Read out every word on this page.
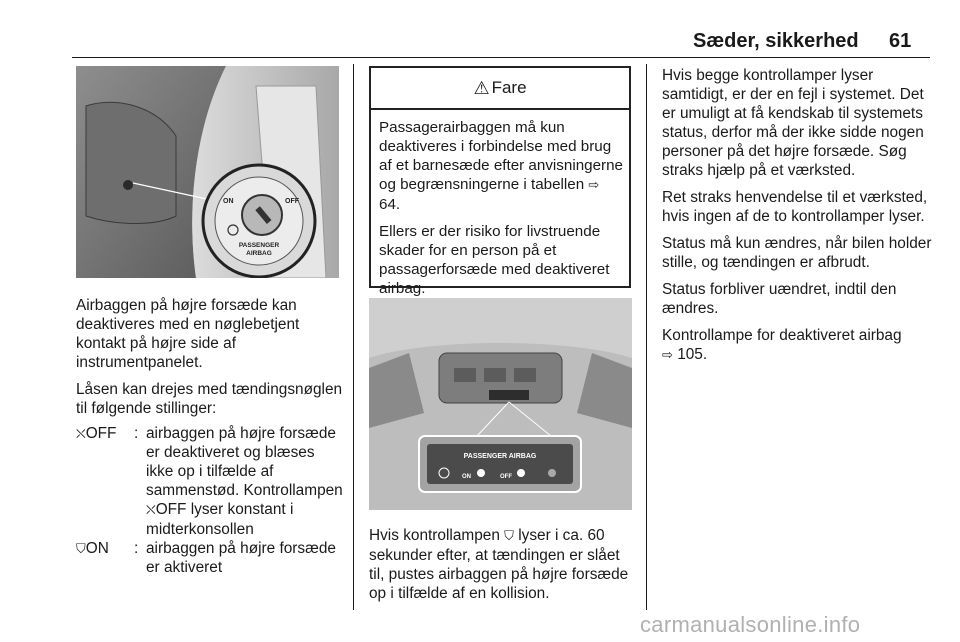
Sæder, sikkerhed 61
ON	OFF
PASSENGER
AIRBAG

Airbaggen på højre forsæde kan deaktiveres med en nøglebetjent kontakt på højre side af instrumentpanelet.

Låsen kan drejes med tændingsnøglen til følgende stillinger:

⛌OFF	: airbaggen på højre forsæde er deaktiveret og blæses ikke op i tilfælde af sammenstød. Kontrollampen ⛌OFF lyser konstant i midterkonsollen
⛉ON	: airbaggen på højre forsæde er aktiveret
⚠ Fare

Passagerairbaggen må kun deaktiveres i forbindelse med brug af et barnesæde efter anvisningerne og begrænsningerne i tabellen ⇨ 64.

Ellers er der risiko for livstruende skader for en person på et passagerforsæde med deaktiveret airbag.

PASSENGER AIRBAG
ON	OFF

Hvis kontrollampen ⛉ lyser i ca. 60 sekunder efter, at tændingen er slået til, pustes airbaggen på højre forsæde op i tilfælde af en kollision.

Hvis begge kontrollamper lyser samtidigt, er der en fejl i systemet. Det er umuligt at få kendskab til systemets status, derfor må der ikke sidde nogen personer på det højre forsæde. Søg straks hjælp på et værksted.

Ret straks henvendelse til et værksted, hvis ingen af de to kontrollamper lyser.

Status må kun ændres, når bilen holder stille, og tændingen er afbrudt.

Status forbliver uændret, indtil den ændres.

Kontrollampe for deaktiveret airbag
⇨ 105.

carmanualsonline.info
